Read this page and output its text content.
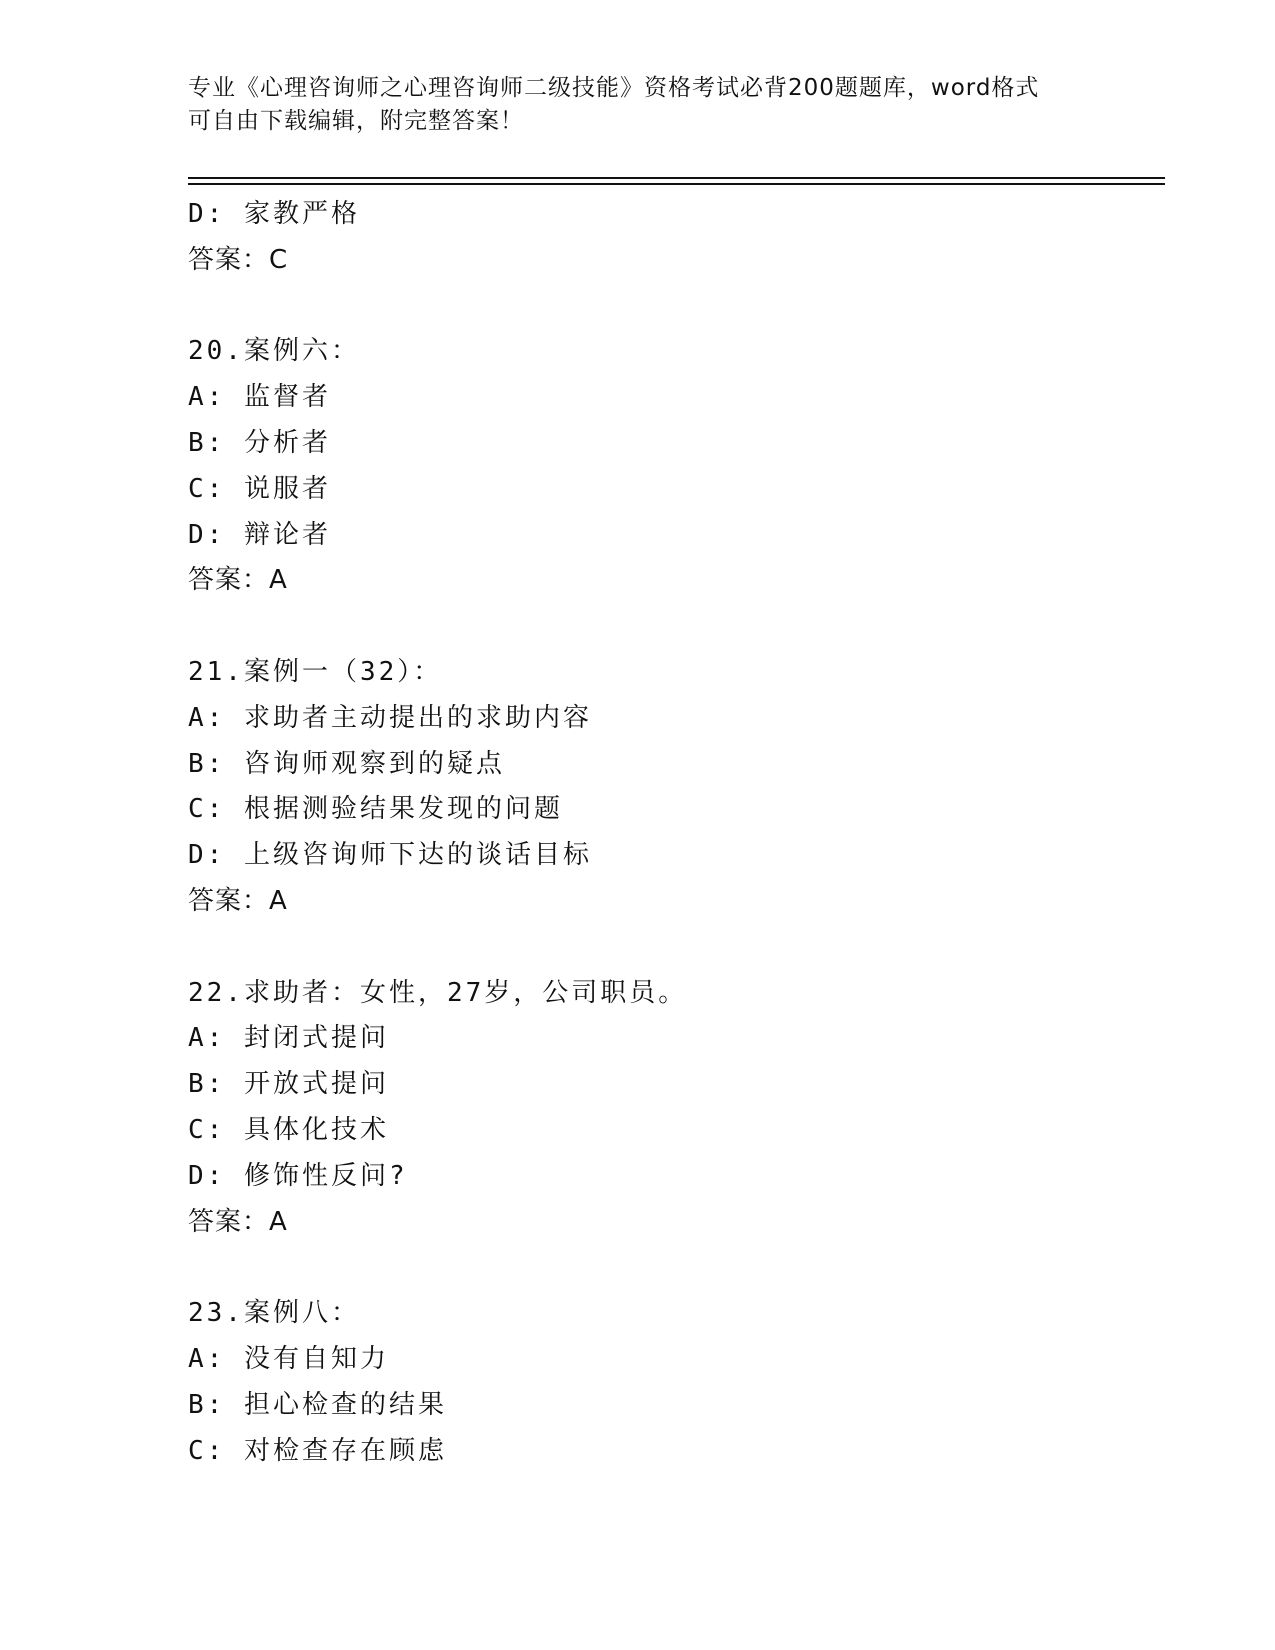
专业《心理咨询师之心理咨询师二级技能》资格考试必背200题题库，word格式
可自由下载编辑，附完整答案！
D: 家教严格
答案：C
20.案例六：
A: 监督者
B: 分析者
C: 说服者
D: 辩论者
答案：A
21.案例一（32）：
A: 求助者主动提出的求助内容
B: 咨询师观察到的疑点
C: 根据测验结果发现的问题
D: 上级咨询师下达的谈话目标
答案：A
22.求助者：女性，27岁，公司职员。
A: 封闭式提问
B: 开放式提问
C: 具体化技术
D: 修饰性反问?
答案：A
23.案例八：
A: 没有自知力
B: 担心检查的结果
C: 对检查存在顾虑
